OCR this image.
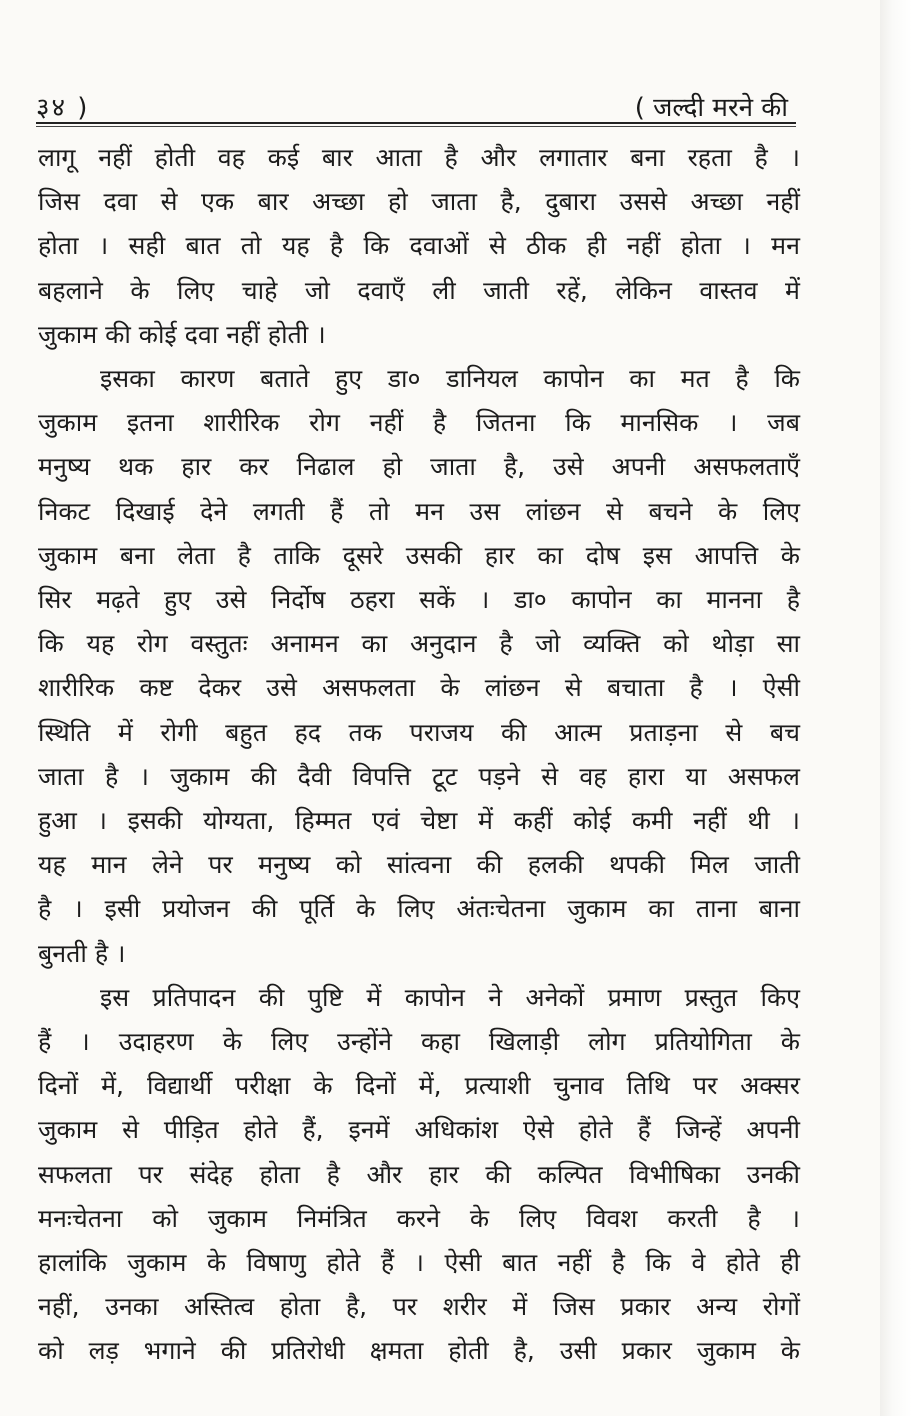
३४ )	( जल्दी मरने की
लागू नहीं होती वह कई बार आता है और लगातार बना रहता है ।
जिस दवा से एक बार अच्छा हो जाता है, दुबारा उससे अच्छा नहीं
होता । सही बात तो यह है कि दवाओं से ठीक ही नहीं होता । मन
बहलाने के लिए चाहे जो दवाएँ ली जाती रहें, लेकिन वास्तव में
जुकाम की कोई दवा नहीं होती ।
इसका कारण बताते हुए डा० डानियल कापोन का मत है कि
जुकाम इतना शारीरिक रोग नहीं है जितना कि मानसिक । जब
मनुष्य थक हार कर निढाल हो जाता है, उसे अपनी असफलताएँ
निकट दिखाई देने लगती हैं तो मन उस लांछन से बचने के लिए
जुकाम बना लेता है ताकि दूसरे उसकी हार का दोष इस आपत्ति के
सिर मढ़ते हुए उसे निर्दोष ठहरा सकें । डा० कापोन का मानना है
कि यह रोग वस्तुतः अनामन का अनुदान है जो व्यक्ति को थोड़ा सा
शारीरिक कष्ट देकर उसे असफलता के लांछन से बचाता है । ऐसी
स्थिति में रोगी बहुत हद तक पराजय की आत्म प्रताड़ना से बच
जाता है । जुकाम की दैवी विपत्ति टूट पड़ने से वह हारा या असफल
हुआ । इसकी योग्यता, हिम्मत एवं चेष्टा में कहीं कोई कमी नहीं थी ।
यह मान लेने पर मनुष्य को सांत्वना की हलकी थपकी मिल जाती
है । इसी प्रयोजन की पूर्ति के लिए अंतःचेतना जुकाम का ताना बाना
बुनती है ।
इस प्रतिपादन की पुष्टि में कापोन ने अनेकों प्रमाण प्रस्तुत किए
हैं । उदाहरण के लिए उन्होंने कहा खिलाड़ी लोग प्रतियोगिता के
दिनों में, विद्यार्थी परीक्षा के दिनों में, प्रत्याशी चुनाव तिथि पर अक्सर
जुकाम से पीड़ित होते हैं, इनमें अधिकांश ऐसे होते हैं जिन्हें अपनी
सफलता पर संदेह होता है और हार की कल्पित विभीषिका उनकी
मनःचेतना को जुकाम निमंत्रित करने के लिए विवश करती है ।
हालांकि जुकाम के विषाणु होते हैं । ऐसी बात नहीं है कि वे होते ही
नहीं, उनका अस्तित्व होता है, पर शरीर में जिस प्रकार अन्य रोगों
को लड़ भगाने की प्रतिरोधी क्षमता होती है, उसी प्रकार जुकाम के
